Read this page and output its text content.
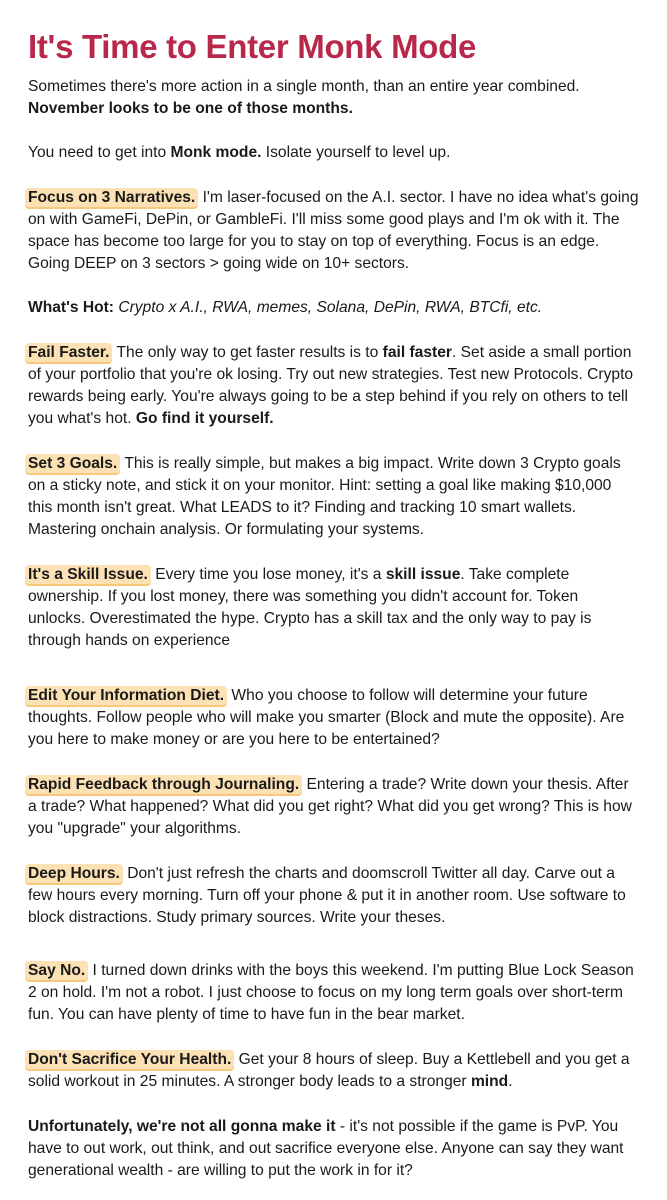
It's Time to Enter Monk Mode

Sometimes there's more action in a single month, than an entire year combined.
November looks to be one of those months.

You need to get into Monk mode. Isolate yourself to level up.

Focus on 3 Narratives. I'm laser-focused on the A.I. sector. I have no idea what's going on with GameFi, DePin, or GambleFi. I'll miss some good plays and I'm ok with it. The space has become too large for you to stay on top of everything. Focus is an edge. Going DEEP on 3 sectors > going wide on 10+ sectors.

What's Hot: Crypto x A.I., RWA, memes, Solana, DePin, RWA, BTCfi, etc.

Fail Faster. The only way to get faster results is to fail faster. Set aside a small portion of your portfolio that you're ok losing. Try out new strategies. Test new Protocols. Crypto rewards being early. You're always going to be a step behind if you rely on others to tell you what's hot. Go find it yourself.

Set 3 Goals. This is really simple, but makes a big impact. Write down 3 Crypto goals on a sticky note, and stick it on your monitor. Hint: setting a goal like making $10,000 this month isn't great. What LEADS to it? Finding and tracking 10 smart wallets. Mastering onchain analysis. Or formulating your systems.

It's a Skill Issue. Every time you lose money, it's a skill issue. Take complete ownership. If you lost money, there was something you didn't account for. Token unlocks. Overestimated the hype. Crypto has a skill tax and the only way to pay is through hands on experience

Edit Your Information Diet. Who you choose to follow will determine your future thoughts. Follow people who will make you smarter (Block and mute the opposite). Are you here to make money or are you here to be entertained?

Rapid Feedback through Journaling. Entering a trade? Write down your thesis. After a trade? What happened? What did you get right? What did you get wrong? This is how you "upgrade" your algorithms.

Deep Hours. Don't just refresh the charts and doomscroll Twitter all day. Carve out a few hours every morning. Turn off your phone & put it in another room. Use software to block distractions. Study primary sources. Write your theses.

Say No. I turned down drinks with the boys this weekend. I'm putting Blue Lock Season 2 on hold. I'm not a robot. I just choose to focus on my long term goals over short-term fun. You can have plenty of time to have fun in the bear market.

Don't Sacrifice Your Health. Get your 8 hours of sleep. Buy a Kettlebell and you get a solid workout in 25 minutes. A stronger body leads to a stronger mind.

Unfortunately, we're not all gonna make it - it's not possible if the game is PvP. You have to out work, out think, and out sacrifice everyone else. Anyone can say they want generational wealth - are willing to put the work in for it?
